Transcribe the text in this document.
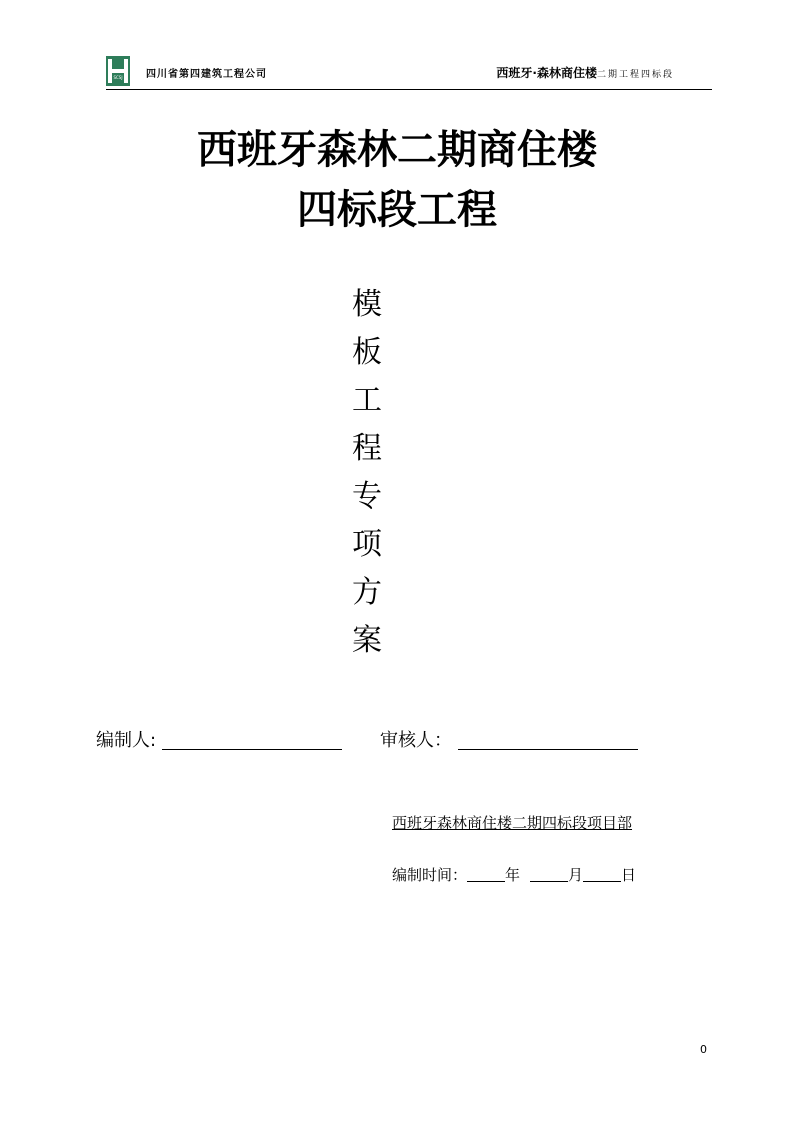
SCSJ 四川省第四建筑工程公司	西班牙·森林商住楼二期工程四标段
西班牙森林二期商住楼
四标段工程
模
板
工
程
专
项
方
案
编制人:	审核人：
西班牙森林商住楼二期四标段项目部
编制时间：	年	月	日
0
